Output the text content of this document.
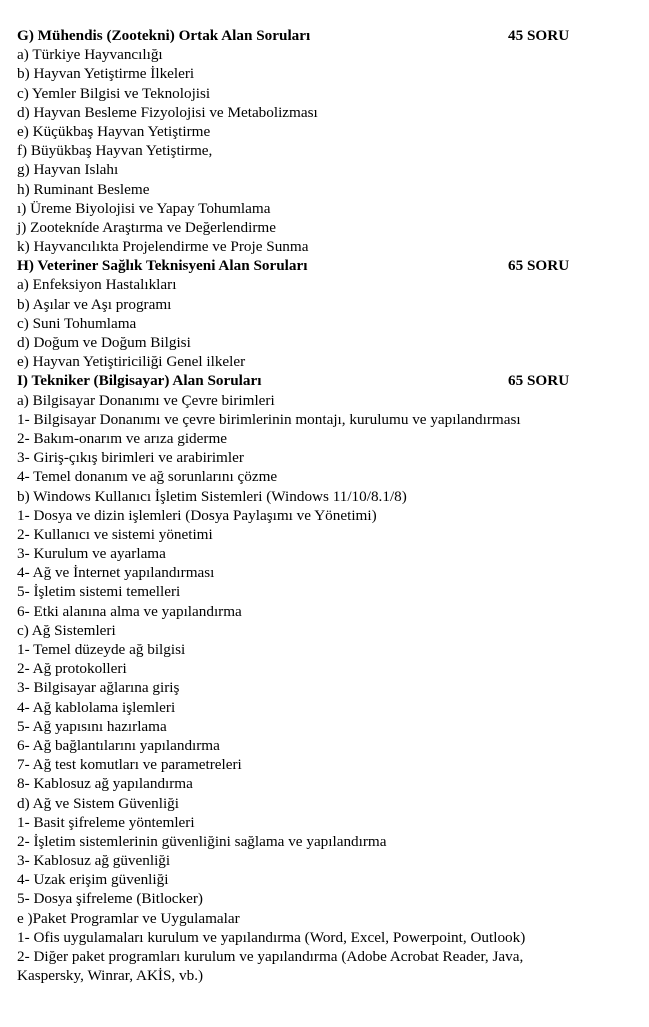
G) Mühendis (Zootekni) Ortak Alan Soruları	45 SORU
a) Türkiye Hayvancılığı
b) Hayvan Yetiştirme İlkeleri
c) Yemler Bilgisi ve Teknolojisi
d) Hayvan Besleme Fizyolojisi ve Metabolizması
e) Küçükbaş Hayvan Yetiştirme
f) Büyükbaş Hayvan Yetiştirme,
g) Hayvan Islahı
h) Ruminant Besleme
ı) Üreme Biyolojisi ve Yapay Tohumlama
j) Zootekníde Araştırma ve Değerlendirme
k) Hayvancılıkta Projelendirme ve Proje Sunma
H) Veteriner Sağlık Teknisyeni Alan Soruları	65 SORU
a) Enfeksiyon Hastalıkları
b) Aşılar ve Aşı programı
c) Suni Tohumlama
d) Doğum ve Doğum Bilgisi
e) Hayvan Yetiştiriciliği Genel ilkeler
I) Tekniker (Bilgisayar) Alan Soruları	65 SORU
a) Bilgisayar Donanımı ve Çevre birimleri
1- Bilgisayar Donanımı ve çevre birimlerinin montajı, kurulumu ve yapılandırması
2- Bakım-onarım ve arıza giderme
3- Giriş-çıkış birimleri ve arabirimler
4- Temel donanım ve ağ sorunlarını çözme
b) Windows Kullanıcı İşletim Sistemleri (Windows 11/10/8.1/8)
1- Dosya ve dizin işlemleri (Dosya Paylaşımı ve Yönetimi)
2- Kullanıcı ve sistemi yönetimi
3- Kurulum ve ayarlama
4- Ağ ve İnternet yapılandırması
5- İşletim sistemi temelleri
6- Etki alanına alma ve yapılandırma
c) Ağ Sistemleri
1- Temel düzeyde ağ bilgisi
2- Ağ protokolleri
3- Bilgisayar ağlarına giriş
4- Ağ kablolama işlemleri
5- Ağ yapısını hazırlama
6- Ağ bağlantılarını yapılandırma
7- Ağ test komutları ve parametreleri
8- Kablosuz ağ yapılandırma
d) Ağ ve Sistem Güvenliği
1- Basit şifreleme yöntemleri
2- İşletim sistemlerinin güvenliğini sağlama ve yapılandırma
3- Kablosuz ağ güvenliği
4- Uzak erişim güvenliği
5- Dosya şifreleme (Bitlocker)
e )Paket Programlar ve Uygulamalar
1- Ofis uygulamaları kurulum ve yapılandırma (Word, Excel, Powerpoint, Outlook)
2- Diğer paket programları kurulum ve yapılandırma (Adobe Acrobat Reader, Java,
Kaspersky, Winrar, AKİS, vb.)
